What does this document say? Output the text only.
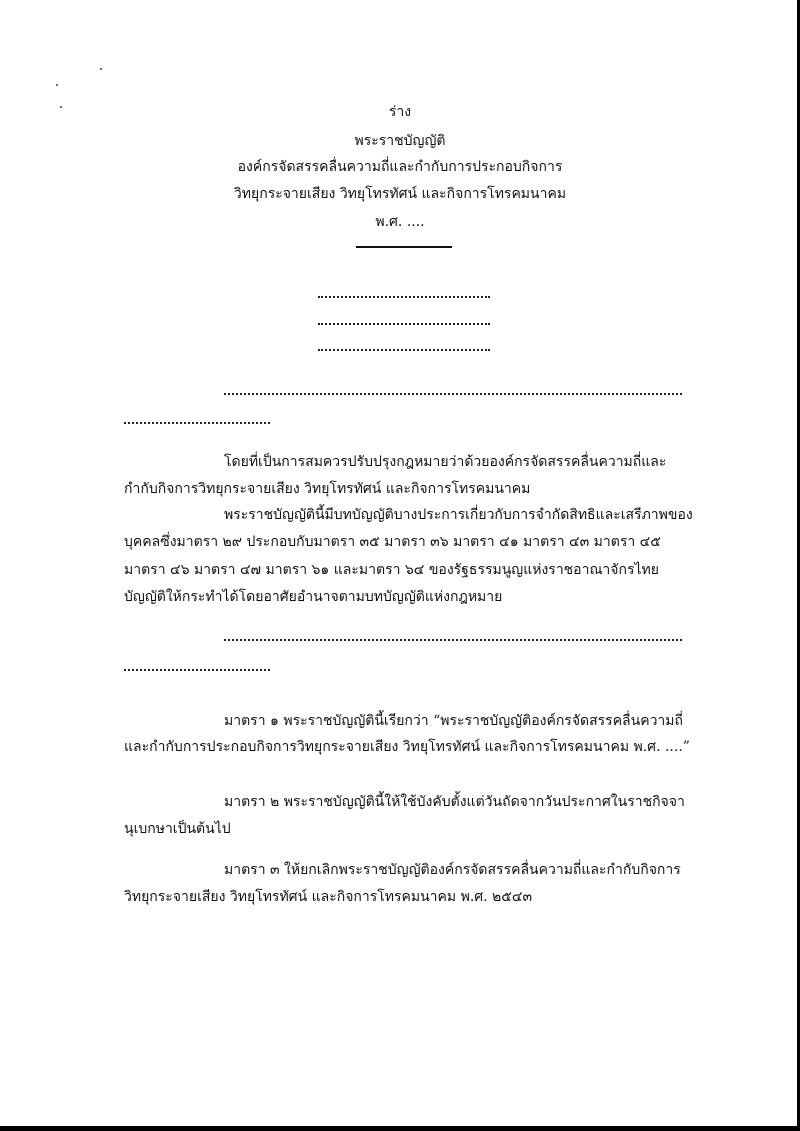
ร่าง
พระราชบัญญัติ
องค์กรจัดสรรคลื่นความถี่และกำกับการประกอบกิจการ
วิทยุกระจายเสียง วิทยุโทรทัศน์ และกิจการโทรคมนาคม
พ.ศ. ....
โดยที่เป็นการสมควรปรับปรุงกฎหมายว่าด้วยองค์กรจัดสรรคลื่นความถี่และ
กำกับกิจการวิทยุกระจายเสียง วิทยุโทรทัศน์ และกิจการโทรคมนาคม
พระราชบัญญัตินี้มีบทบัญญัติบางประการเกี่ยวกับการจำกัดสิทธิและเสรีภาพของ
บุคคลซึ่งมาตรา ๒๙ ประกอบกับมาตรา ๓๕ มาตรา ๓๖ มาตรา ๔๑ มาตรา ๔๓ มาตรา ๔๕
มาตรา ๔๖ มาตรา ๔๗ มาตรา ๖๑ และมาตรา ๖๔ ของรัฐธรรมนูญแห่งราชอาณาจักรไทย
บัญญัติให้กระทำได้โดยอาศัยอำนาจตามบทบัญญัติแห่งกฎหมาย
มาตรา ๑ พระราชบัญญัตินี้เรียกว่า “พระราชบัญญัติองค์กรจัดสรรคลื่นความถี่
และกำกับการประกอบกิจการวิทยุกระจายเสียง วิทยุโทรทัศน์ และกิจการโทรคมนาคม พ.ศ. ....”
มาตรา ๒ พระราชบัญญัตินี้ให้ใช้บังคับตั้งแต่วันถัดจากวันประกาศในราชกิจจา
นุเบกษาเป็นต้นไป
มาตรา ๓ ให้ยกเลิกพระราชบัญญัติองค์กรจัดสรรคลื่นความถี่และกำกับกิจการ
วิทยุกระจายเสียง วิทยุโทรทัศน์ และกิจการโทรคมนาคม พ.ศ. ๒๕๔๓
